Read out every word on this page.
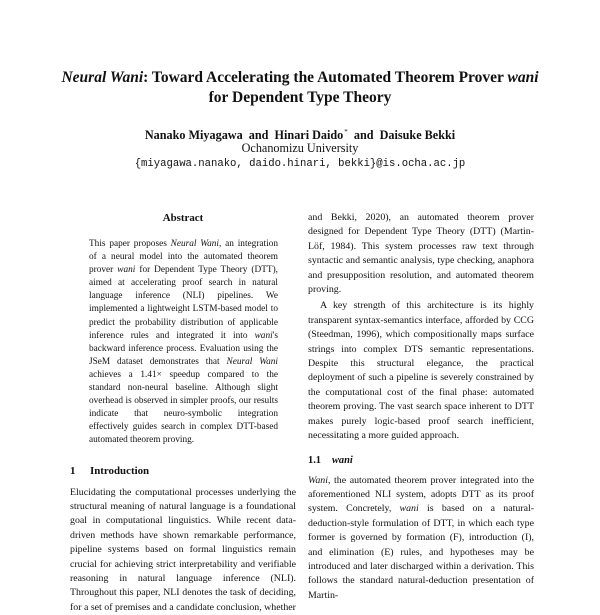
Neural Wani: Toward Accelerating the Automated Theorem Prover wani
for Dependent Type Theory
Nanako Miyagawa and Hinari Daido* and Daisuke Bekki
Ochanomizu University
{miyagawa.nanako, daido.hinari, bekki}@is.ocha.ac.jp
Abstract

This paper proposes Neural Wani, an integration of a neural model into the automated theorem prover wani for Dependent Type Theory (DTT), aimed at accelerating proof search in natural language inference (NLI) pipelines. We implemented a lightweight LSTM-based model to predict the probability distribution of applicable inference rules and integrated it into wani's backward inference process. Evaluation using the JSeM dataset demonstrates that Neural Wani achieves a 1.41× speedup compared to the standard non-neural baseline. Although slight overhead is observed in simpler proofs, our results indicate that neuro-symbolic integration effectively guides search in complex DTT-based automated theorem proving.

1 Introduction

Elucidating the computational processes underlying the structural meaning of natural language is a foundational goal in computational linguistics. While recent data-driven methods have shown remarkable performance, pipeline systems based on formal linguistics remain crucial for achieving strict interpretability and verifiable reasoning in natural language inference (NLI). Throughout this paper, NLI denotes the task of deciding, for a set of premises and a candidate conclusion, whether

and Bekki, 2020), an automated theorem prover designed for Dependent Type Theory (DTT) (Martin-Löf, 1984). This system processes raw text through syntactic and semantic analysis, type checking, anaphora and presupposition resolution, and automated theorem proving.

A key strength of this architecture is its highly transparent syntax-semantics interface, afforded by CCG (Steedman, 1996), which compositionally maps surface strings into complex DTS semantic representations. Despite this structural elegance, the practical deployment of such a pipeline is severely constrained by the computational cost of the final phase: automated theorem proving. The vast search space inherent to DTT makes purely logic-based proof search inefficient, necessitating a more guided approach.

1.1 wani

Wani, the automated theorem prover integrated into the aforementioned NLI system, adopts DTT as its proof system. Concretely, wani is based on a natural-deduction-style formulation of DTT, in which each type former is governed by formation (F), introduction (I), and elimination (E) rules, and hypotheses may be introduced and later discharged within a derivation. This follows the standard natural-deduction presentation of Martin-
